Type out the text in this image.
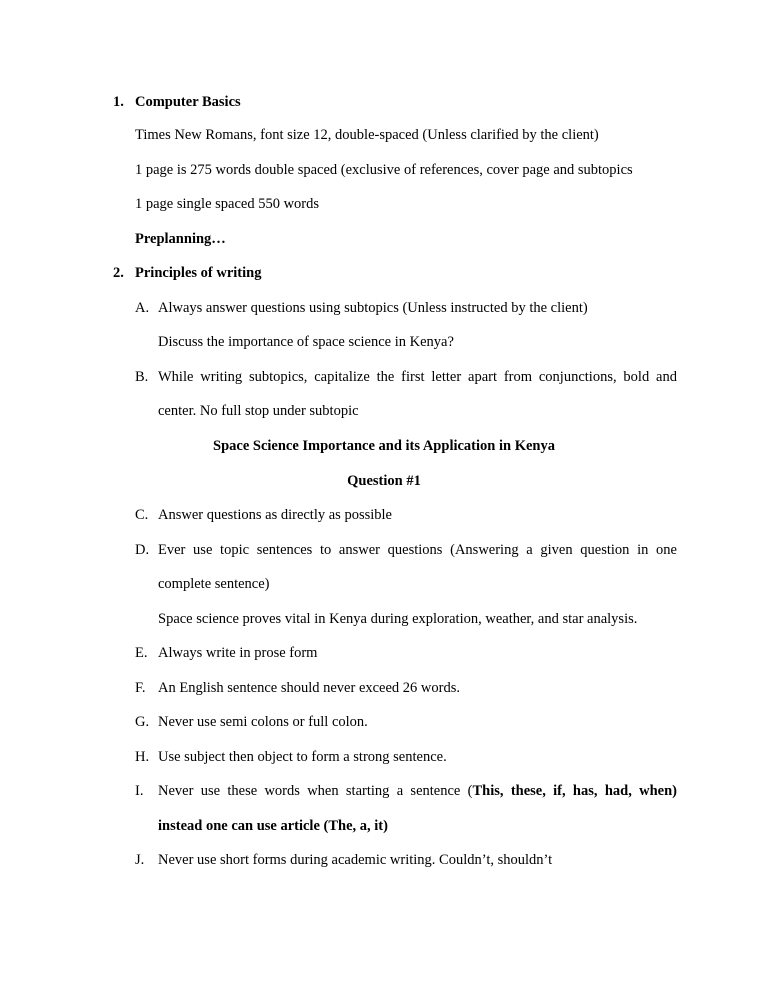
1. Computer Basics
Times New Romans, font size 12, double-spaced (Unless clarified by the client)
1 page is 275 words double spaced (exclusive of references, cover page and subtopics
1 page single spaced 550 words
Preplanning…
2. Principles of writing
A. Always answer questions using subtopics (Unless instructed by the client)
Discuss the importance of space science in Kenya?
B. While writing subtopics, capitalize the first letter apart from conjunctions, bold and
center. No full stop under subtopic
Space Science Importance and its Application in Kenya
Question #1
C. Answer questions as directly as possible
D. Ever use topic sentences to answer questions (Answering a given question in one
complete sentence)
Space science proves vital in Kenya during exploration, weather, and star analysis.
E. Always write in prose form
F. An English sentence should never exceed 26 words.
G. Never use semi colons or full colon.
H. Use subject then object to form a strong sentence.
I. Never use these words when starting a sentence (This, these, if, has, had, when)
instead one can use article (The, a, it)
J. Never use short forms during academic writing. Couldn’t, shouldn’t
